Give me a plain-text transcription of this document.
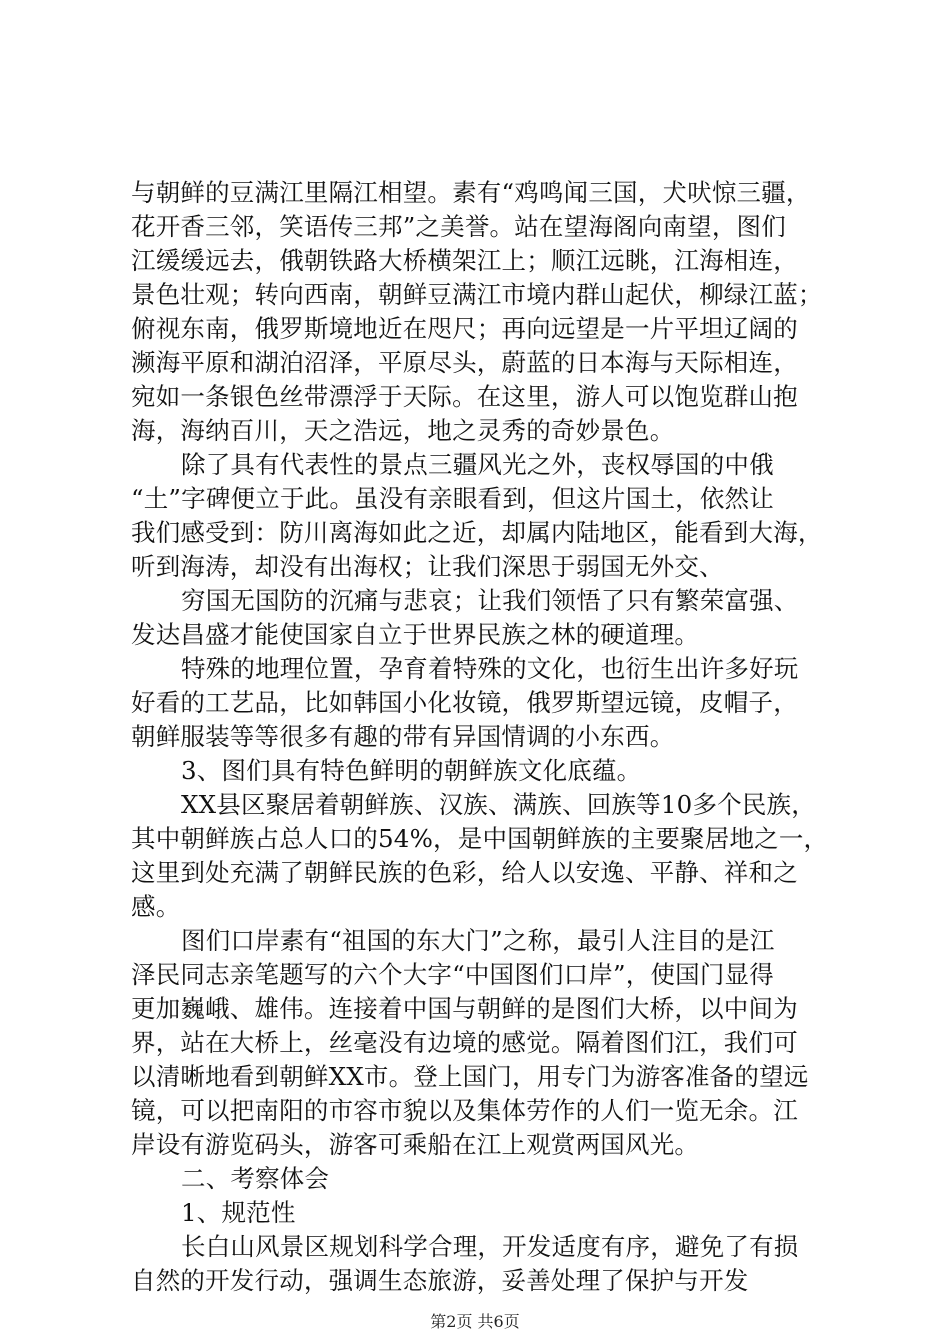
与朝鲜的豆满江里隔江相望。素有“鸡鸣闻三国，犬吠惊三疆，
花开香三邻，笑语传三邦”之美誉。站在望海阁向南望，图们
江缓缓远去，俄朝铁路大桥横架江上；顺江远眺，江海相连，
景色壮观；转向西南，朝鲜豆满江市境内群山起伏，柳绿江蓝；
俯视东南，俄罗斯境地近在咫尺；再向远望是一片平坦辽阔的
濒海平原和湖泊沼泽，平原尽头，蔚蓝的日本海与天际相连，
宛如一条银色丝带漂浮于天际。在这里，游人可以饱览群山抱
海，海纳百川，天之浩远，地之灵秀的奇妙景色。
除了具有代表性的景点三疆风光之外，丧权辱国的中俄
“土”字碑便立于此。虽没有亲眼看到，但这片国土，依然让
我们感受到：防川离海如此之近，却属内陆地区，能看到大海，
听到海涛，却没有出海权；让我们深思于弱国无外交、
穷国无国防的沉痛与悲哀；让我们领悟了只有繁荣富强、
发达昌盛才能使国家自立于世界民族之林的硬道理。
特殊的地理位置，孕育着特殊的文化，也衍生出许多好玩
好看的工艺品，比如韩国小化妆镜，俄罗斯望远镜，皮帽子，
朝鲜服装等等很多有趣的带有异国情调的小东西。
3、图们具有特色鲜明的朝鲜族文化底蕴。
XX县区聚居着朝鲜族、汉族、满族、回族等10多个民族，
其中朝鲜族占总人口的54%，是中国朝鲜族的主要聚居地之一，
这里到处充满了朝鲜民族的色彩，给人以安逸、平静、祥和之
感。
图们口岸素有“祖国的东大门”之称，最引人注目的是江
泽民同志亲笔题写的六个大字“中国图们口岸”，使国门显得
更加巍峨、雄伟。连接着中国与朝鲜的是图们大桥，以中间为
界，站在大桥上，丝毫没有边境的感觉。隔着图们江，我们可
以清晰地看到朝鲜XX市。登上国门，用专门为游客准备的望远
镜，可以把南阳的市容市貌以及集体劳作的人们一览无余。江
岸设有游览码头，游客可乘船在江上观赏两国风光。
二、考察体会
1、规范性
长白山风景区规划科学合理，开发适度有序，避免了有损
自然的开发行动，强调生态旅游，妥善处理了保护与开发
第2页 共6页
